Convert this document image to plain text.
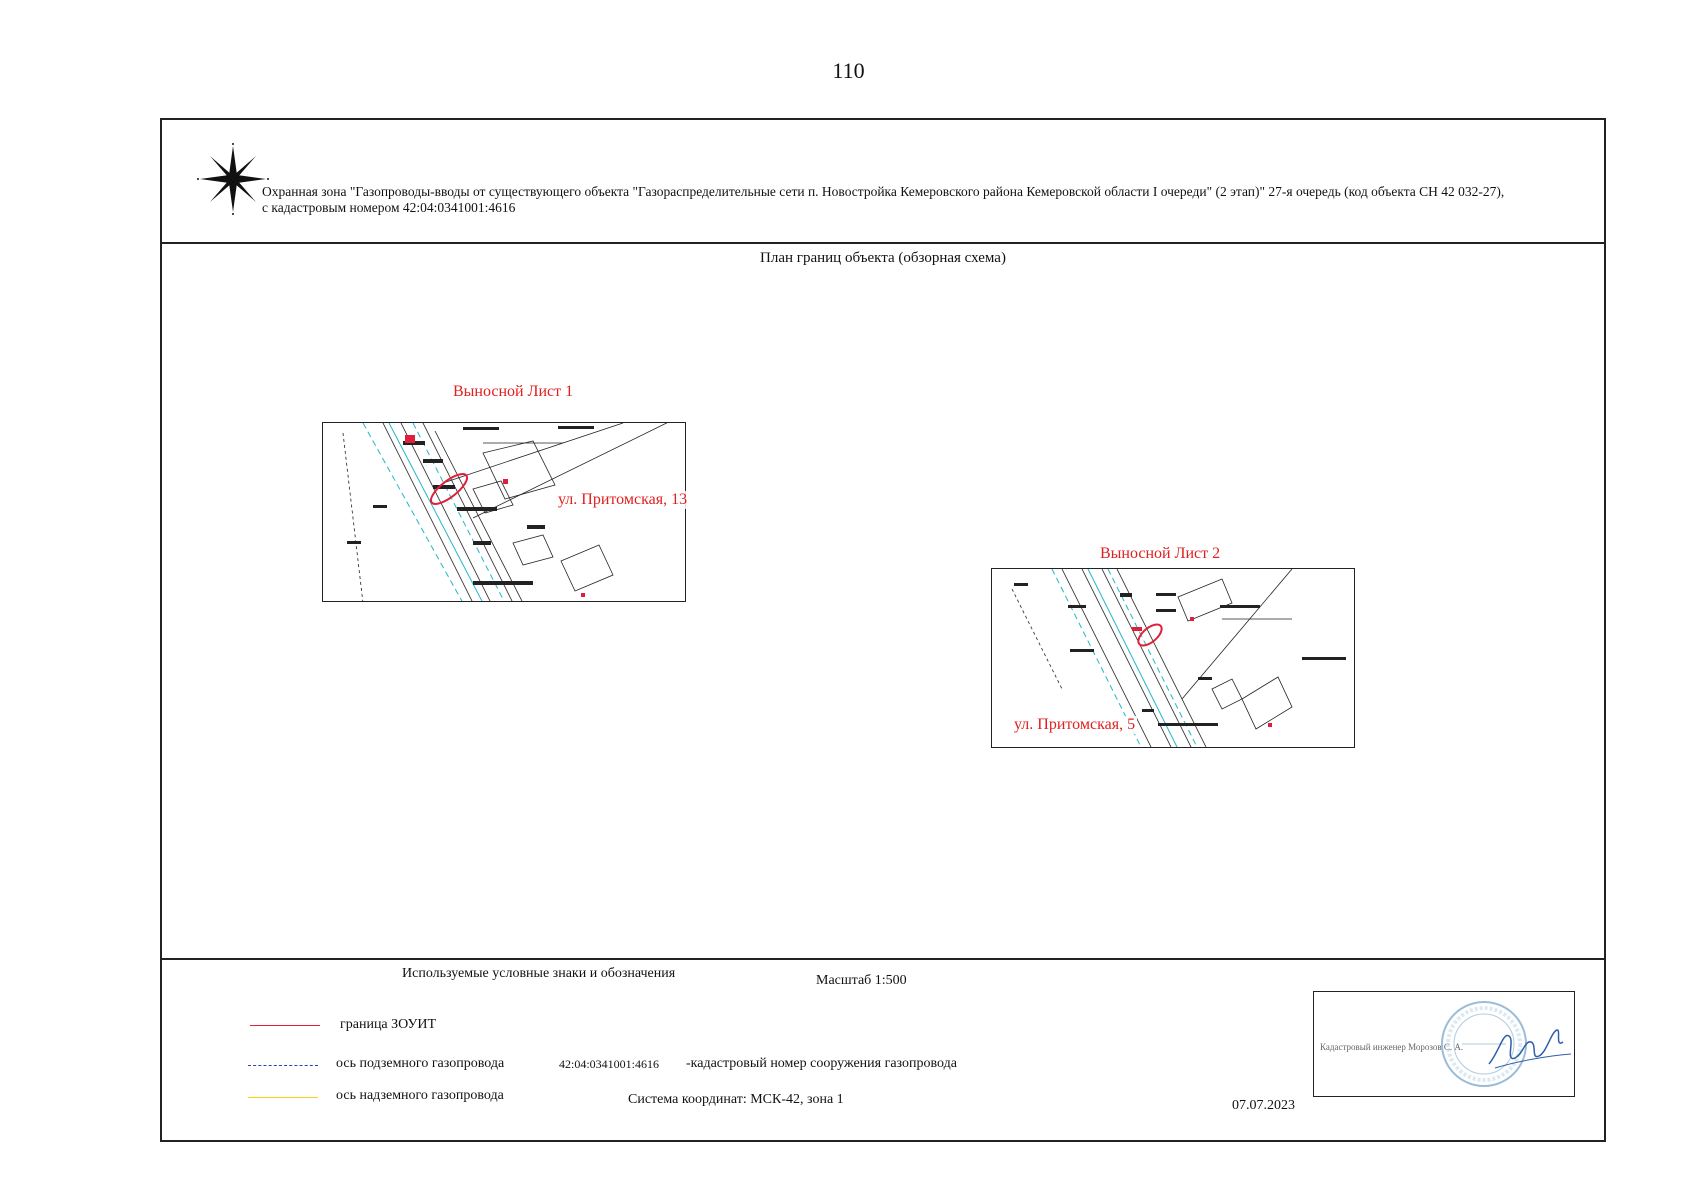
110
Охранная зона "Газопроводы-вводы от существующего объекта "Газораспределительные сети п. Новостройка Кемеровского района Кемеровской области I очереди" (2 этап)" 27-я очередь (код объекта СН 42 032-27),
с кадастровым номером 42:04:0341001:4616
План границ объекта (обзорная схема)
Выносной Лист 1
ул. Притомская, 13
Выносной Лист 2
ул. Притомская, 5
Используемые условные знаки и обозначения	Масштаб 1:500
граница ЗОУИТ
ось подземного газопровода
ось надземного газопровода
42:04:0341001:4616 -кадастровый номер сооружения газопровода
Система координат: МСК-42, зона 1	07.07.2023
Кадастровый инженер Морозов С. А.
